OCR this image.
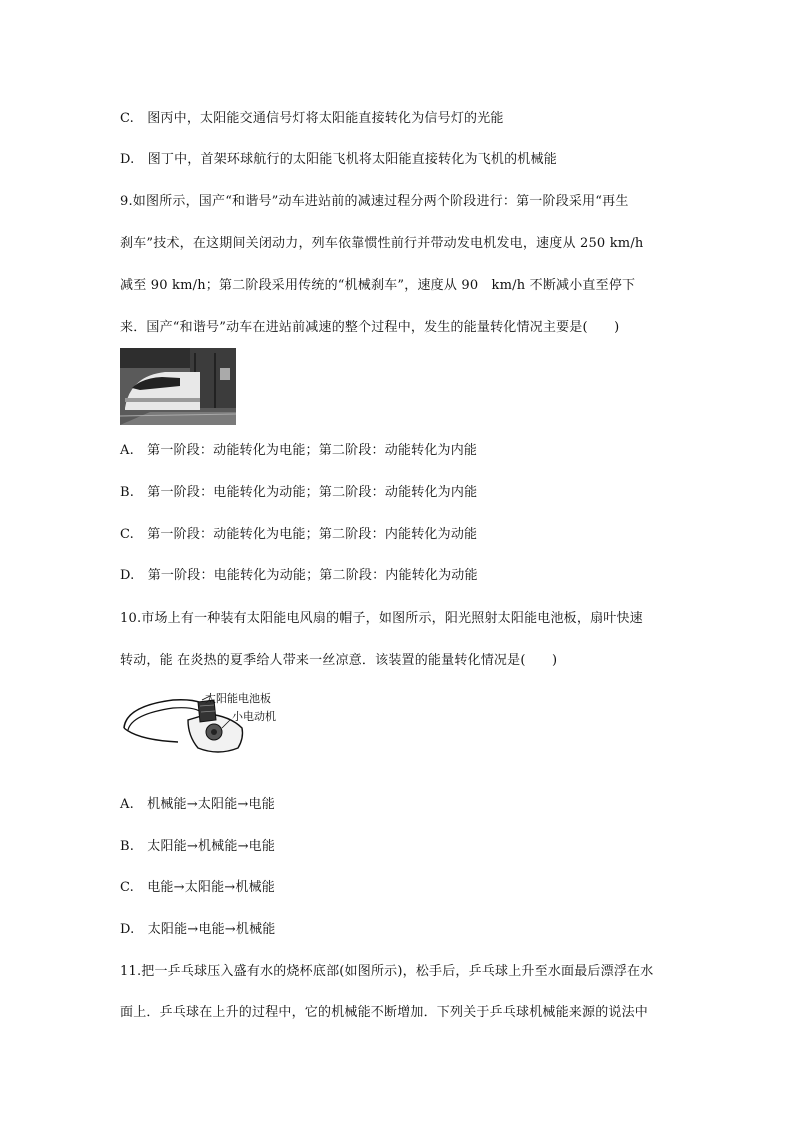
C.　图丙中，太阳能交通信号灯将太阳能直接转化为信号灯的光能
D.　图丁中，首架环球航行的太阳能飞机将太阳能直接转化为飞机的机械能
9.如图所示，国产“和谐号”动车进站前的减速过程分两个阶段进行：第一阶段采用“再生
刹车”技术，在这期间关闭动力，列车依靠惯性前行并带动发电机发电，速度从 250 km/h
减至 90 km/h；第二阶段采用传统的“机械刹车”，速度从 90　km/h 不断减小直至停下
来．国产“和谐号”动车在进站前减速的整个过程中，发生的能量转化情况主要是(　　)
A.　第一阶段：动能转化为电能；第二阶段：动能转化为内能
B.　第一阶段：电能转化为动能；第二阶段：动能转化为内能
C.　第一阶段：动能转化为电能；第二阶段：内能转化为动能
D.　第一阶段：电能转化为动能；第二阶段：内能转化为动能
10.市场上有一种装有太阳能电风扇的帽子，如图所示，阳光照射太阳能电池板，扇叶快速
转动，能 在炎热的夏季给人带来一丝凉意．该装置的能量转化情况是(　　)
太阳能电池板
小电动机
A.　机械能→太阳能→电能
B.　太阳能→机械能→电能
C.　电能→太阳能→机械能
D.　太阳能→电能→机械能
11.把一乒乓球压入盛有水的烧杯底部(如图所示)，松手后，乒乓球上升至水面最后漂浮在水
面上．乒乓球在上升的过程中，它的机械能不断增加．下列关于乒乓球机械能来源的说法中
